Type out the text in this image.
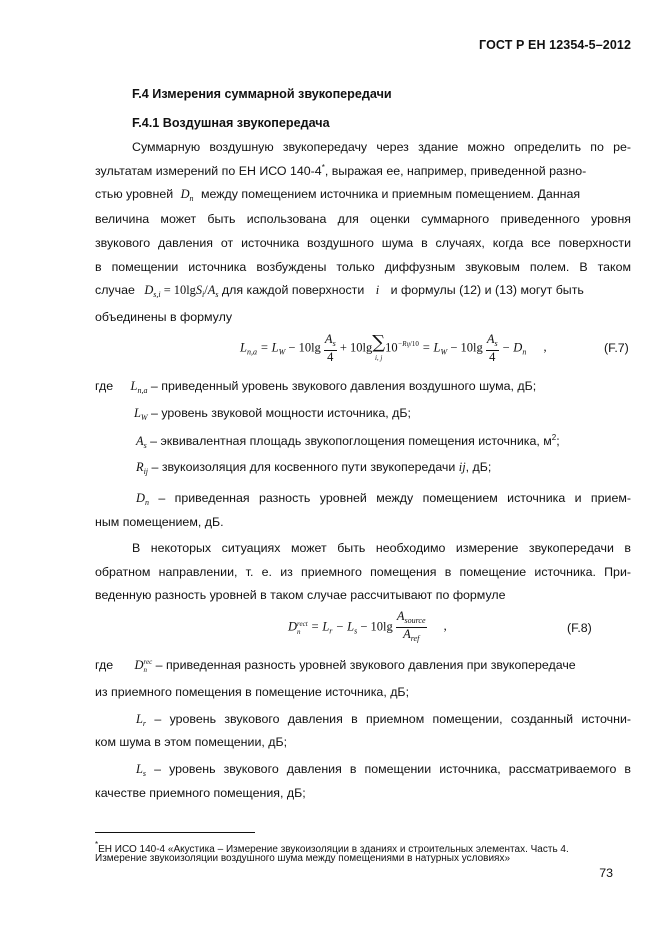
ГОСТ Р ЕН 12354-5–2012
F.4 Измерения суммарной звукопередачи
F.4.1 Воздушная звукопередача
Суммарную воздушную звукопередачу через здание можно определить по ре-
зультатам измерений по ЕН ИСО 140-4*, выражая ее, например, приведенной разно-
стью уровней $D_n$ между помещением источника и приемным помещением. Данная
величина может быть использована для оценки суммарного приведенного уровня
звукового давления от источника воздушного шума в случаях, когда все поверхности
в помещении источника возбуждены только диффузным звуковым полем. В таком
случае $D_{s,i} = 10\lg S_i/A_s$ для каждой поверхности i и формулы (12) и (13) могут быть
объединены в формулу
$L_{n,a} = L_W - 10\lg \frac{A_s}{4} + 10\lg\sum$
$_{i, j}10^{-Rij/10} = L_W - 10\lg \frac{A_s}{4} - D_n$ ,	(F.7)
где $L_{n,a}$ – приведенный уровень звукового давления воздушного шума, дБ;
$L_W$ – уровень звуковой мощности источника, дБ;
$A_s$ – эквивалентная площадь звукопоглощения помещения источника, $м^2$;
$R_{ij}$ – звукоизоляция для косвенного пути звукопередачи ij, дБ;
$D_n$ – приведенная разность уровней между помещением источника и прием-
ным помещением, дБ.
В некоторых ситуациях может быть необходимо измерение звукопередачи в
обратном направлении, т. е. из приемного помещения в помещение источника. При-
веденную разность уровней в таком случае рассчитывают по формуле
Drect
$n = L_r - L_s - 10\lg \frac{A_{source}}{A_{ref}}$ ,	(F.8)
где Drec
n – приведенная разность уровней звукового давления при звукопередаче
из приемного помещения в помещение источника, дБ;
$L_r$ – уровень звукового давления в приемном помещении, созданный источни-
ком шума в этом помещении, дБ;
$L_s$ – уровень звукового давления в помещении источника, рассматриваемого в
качестве приемного помещения, дБ;
*ЕН ИСО 140-4 «Акустика – Измерение звукоизоляции в зданиях и строительных элементах. Часть 4.
Измерение звукоизоляции воздушного шума между помещениями в натурных условиях»
73
